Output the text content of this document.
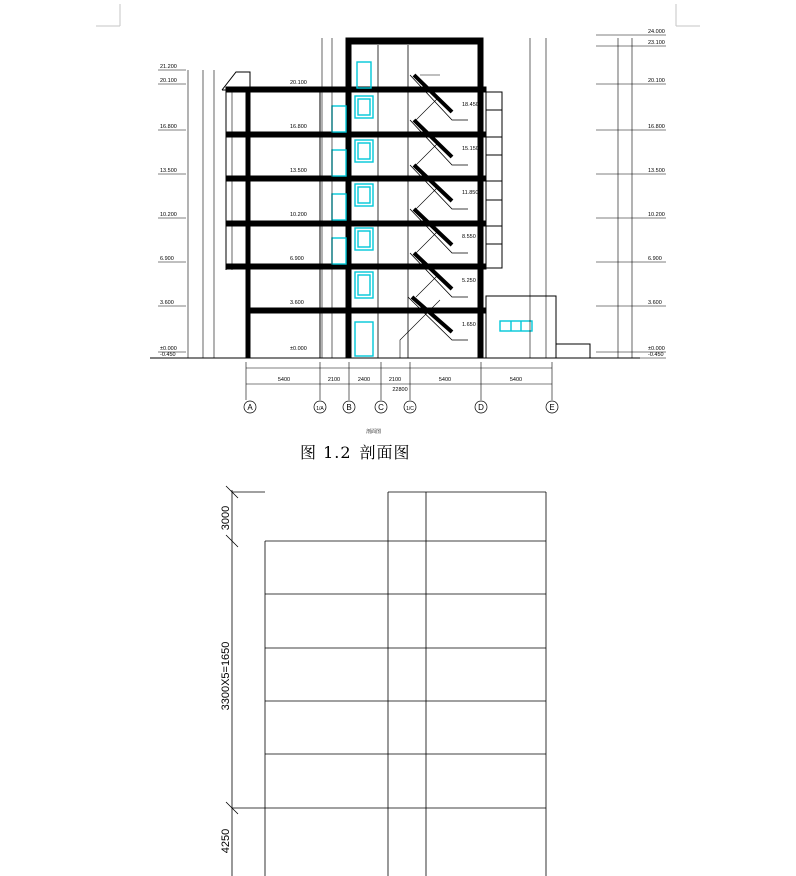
21.200
20.100
16.800
13.500
10.200
6.900
3.600
±0.000
-0.450
24.000
23.100
20.100
16.800
13.500
10.200
6.900
3.600
±0.000
-0.450
23.100
20.100
18.450
16.800
15.150
13.500
11.850
10.200
8.550
6.900
5.250
3.600
1.650
±0.000
5400	2100	2400	2100	5400	5400
22800
A	1/A	B	C	1/C	D	E
剖面图
图 1.2 剖面图
3000
3300X5=1650
4250
